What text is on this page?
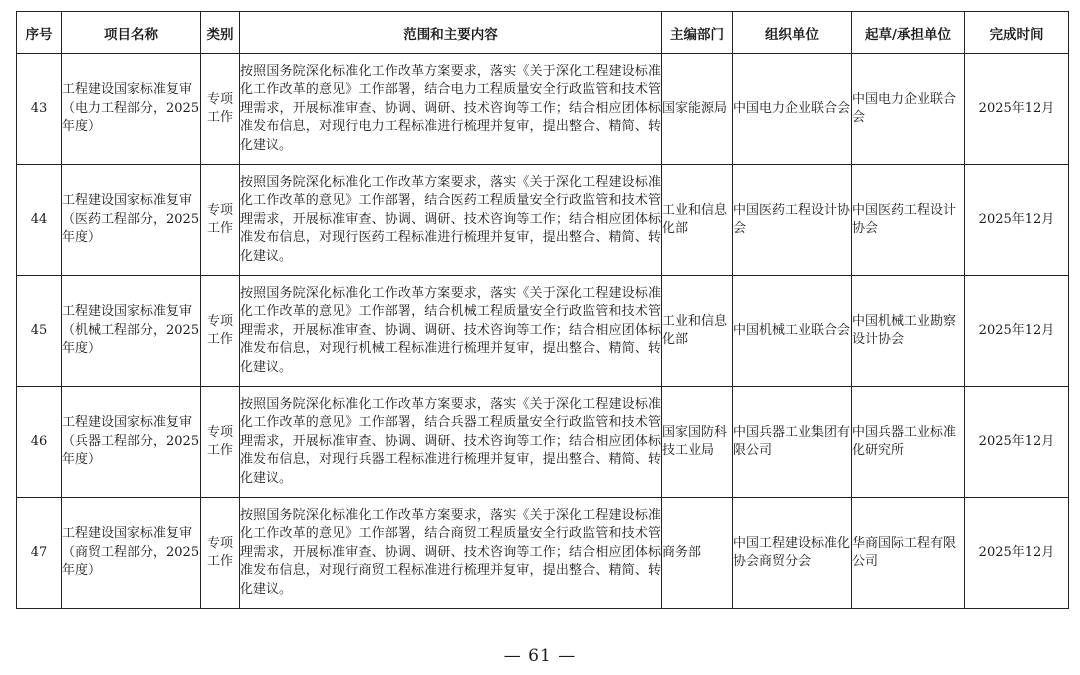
序号	项目名称	类别	范围和主要内容	主编部门	组织单位	起草/承担单位	完成时间
43	工程建设国家标准复审（电力工程部分，2025年度）	专项工作	按照国务院深化标准化工作改革方案要求，落实《关于深化工程建设标准化工作改革的意见》工作部署，结合电力工程质量安全行政监管和技术管理需求，开展标准审查、协调、调研、技术咨询等工作；结合相应团体标准发布信息，对现行电力工程标准进行梳理并复审，提出整合、精简、转化建议。	国家能源局	中国电力企业联合会	中国电力企业联合会	2025年12月
44	工程建设国家标准复审（医药工程部分，2025年度）	专项工作	按照国务院深化标准化工作改革方案要求，落实《关于深化工程建设标准化工作改革的意见》工作部署，结合医药工程质量安全行政监管和技术管理需求，开展标准审查、协调、调研、技术咨询等工作；结合相应团体标准发布信息，对现行医药工程标准进行梳理并复审，提出整合、精简、转化建议。	工业和信息化部	中国医药工程设计协会	中国医药工程设计协会	2025年12月
45	工程建设国家标准复审（机械工程部分，2025年度）	专项工作	按照国务院深化标准化工作改革方案要求，落实《关于深化工程建设标准化工作改革的意见》工作部署，结合机械工程质量安全行政监管和技术管理需求，开展标准审查、协调、调研、技术咨询等工作；结合相应团体标准发布信息，对现行机械工程标准进行梳理并复审，提出整合、精简、转化建议。	工业和信息化部	中国机械工业联合会	中国机械工业勘察设计协会	2025年12月
46	工程建设国家标准复审（兵器工程部分，2025年度）	专项工作	按照国务院深化标准化工作改革方案要求，落实《关于深化工程建设标准化工作改革的意见》工作部署，结合兵器工程质量安全行政监管和技术管理需求，开展标准审查、协调、调研、技术咨询等工作；结合相应团体标准发布信息，对现行兵器工程标准进行梳理并复审，提出整合、精简、转化建议。	国家国防科技工业局	中国兵器工业集团有限公司	中国兵器工业标准化研究所	2025年12月
47	工程建设国家标准复审（商贸工程部分，2025年度）	专项工作	按照国务院深化标准化工作改革方案要求，落实《关于深化工程建设标准化工作改革的意见》工作部署，结合商贸工程质量安全行政监管和技术管理需求，开展标准审查、协调、调研、技术咨询等工作；结合相应团体标准发布信息，对现行商贸工程标准进行梳理并复审，提出整合、精简、转化建议。	商务部	中国工程建设标准化协会商贸分会	华商国际工程有限公司	2025年12月
— 61 —
